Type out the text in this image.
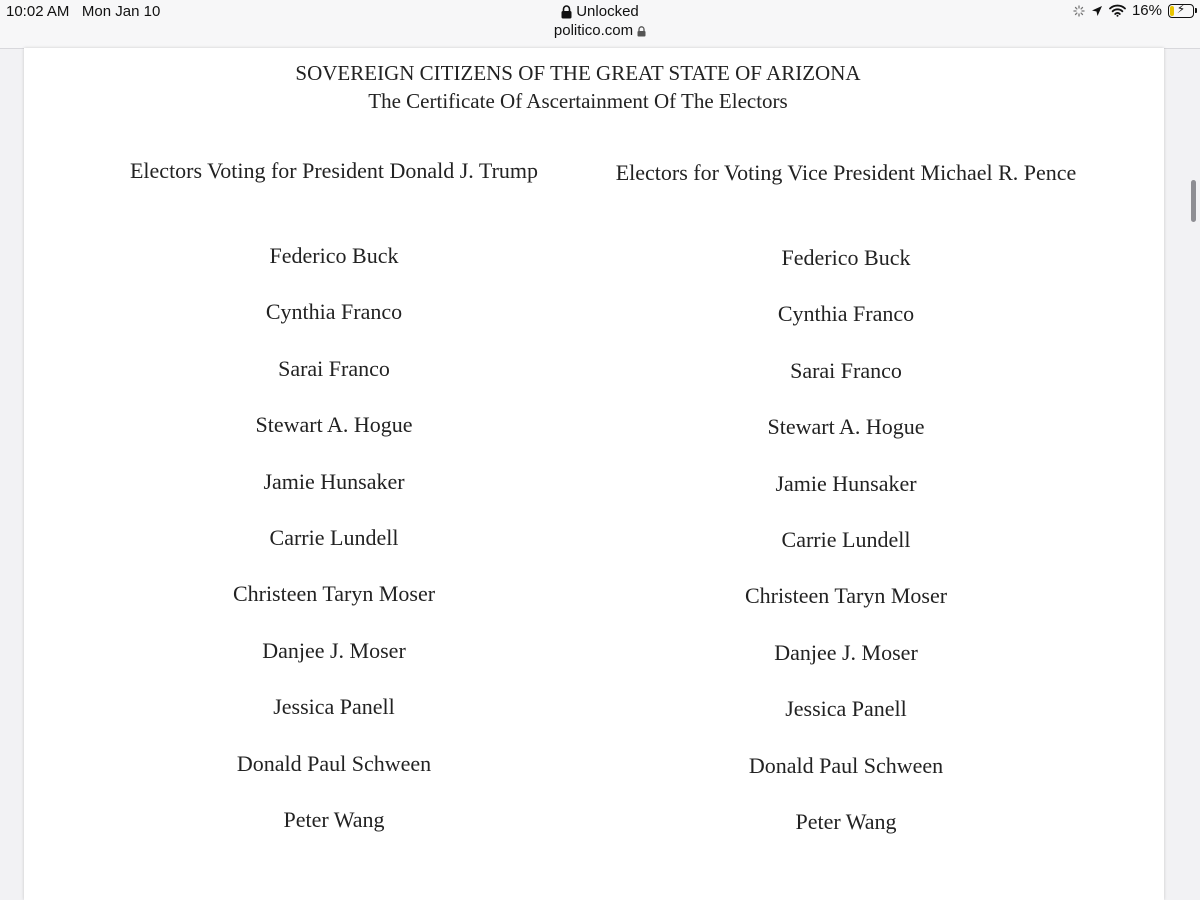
10:02 AM Mon Jan 10	Unlocked
politico.com
16%	⚡
SOVEREIGN CITIZENS OF THE GREAT STATE OF ARIZONA
The Certificate Of Ascertainment Of The Electors
Electors Voting for President Donald J. Trump
Federico Buck
Cynthia Franco
Sarai Franco
Stewart A. Hogue
Jamie Hunsaker
Carrie Lundell
Christeen Taryn Moser
Danjee J. Moser
Jessica Panell
Donald Paul Schween
Peter Wang
Electors for Voting Vice President Michael R. Pence
Federico Buck
Cynthia Franco
Sarai Franco
Stewart A. Hogue
Jamie Hunsaker
Carrie Lundell
Christeen Taryn Moser
Danjee J. Moser
Jessica Panell
Donald Paul Schween
Peter Wang
